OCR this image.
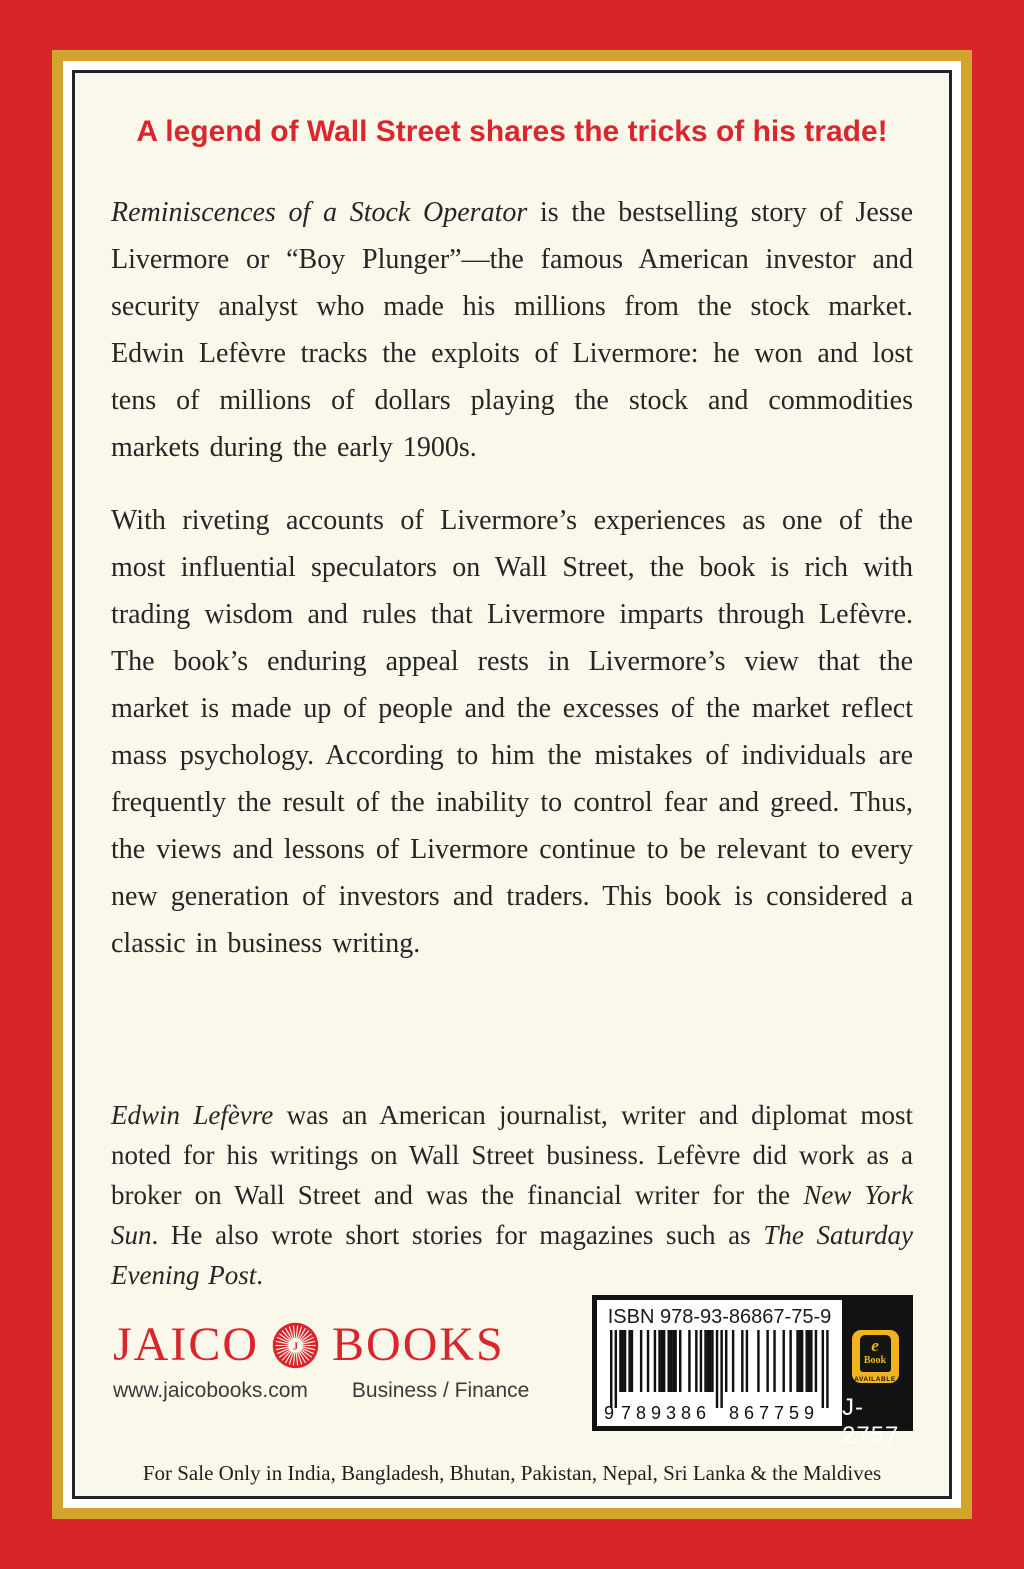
A legend of Wall Street shares the tricks of his trade!

Reminiscences of a Stock Operator is the bestselling story of Jesse Livermore or “Boy Plunger”—the famous American investor and security analyst who made his millions from the stock market. Edwin Lefèvre tracks the exploits of Livermore: he won and lost tens of millions of dollars playing the stock and commodities markets during the early 1900s.

With riveting accounts of Livermore’s experiences as one of the most influential speculators on Wall Street, the book is rich with trading wisdom and rules that Livermore imparts through Lefèvre. The book’s enduring appeal rests in Livermore’s view that the market is made up of people and the excesses of the market reflect mass psychology. According to him the mistakes of individuals are frequently the result of the inability to control fear and greed. Thus, the views and lessons of Livermore continue to be relevant to every new generation of investors and traders. This book is considered a classic in business writing.

Edwin Lefèvre was an American journalist, writer and diplomat most noted for his writings on Wall Street business. Lefèvre did work as a broker on Wall Street and was the financial writer for the New York Sun. He also wrote short stories for magazines such as The Saturday Evening Post.

JAICO	J BOOKS
www.jaicobooks.com Business / Finance
ISBN 978-93-86867-75-9
9 789386 867759
e
Book
AVAILABLE
J-2757
For Sale Only in India, Bangladesh, Bhutan, Pakistan, Nepal, Sri Lanka & the Maldives
